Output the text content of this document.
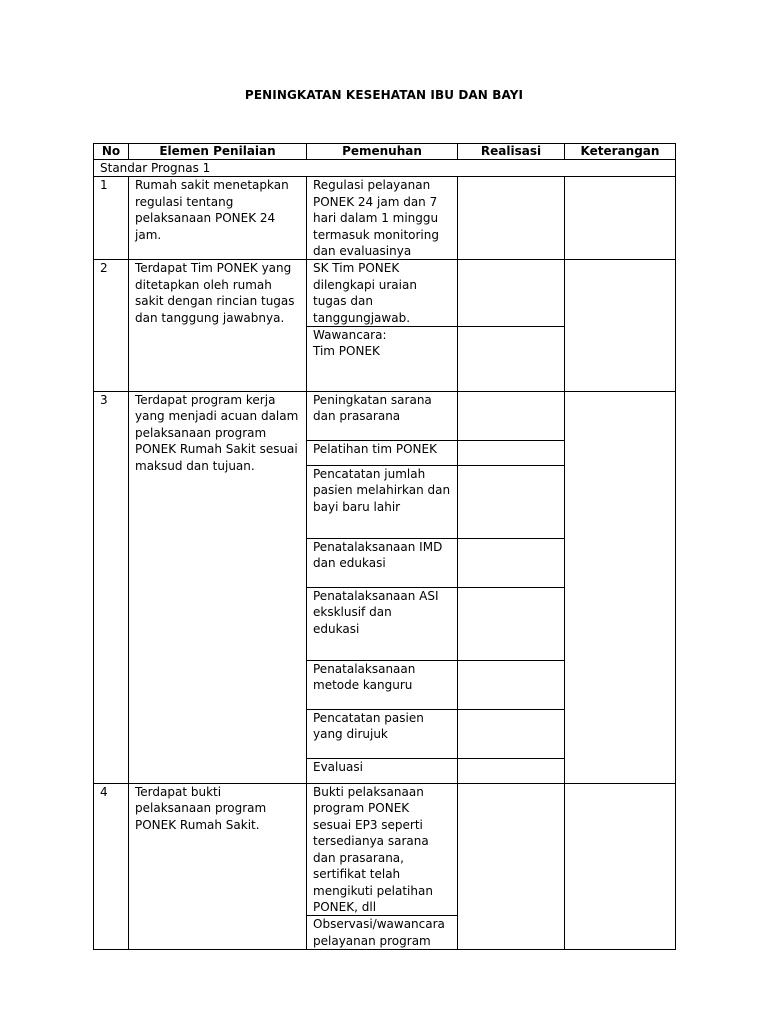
PENINGKATAN KESEHATAN IBU DAN BAYI
No	Elemen Penilaian	Pemenuhan	Realisasi	Keterangan
Standar Prognas 1				
1	Rumah sakit menetapkan regulasi tentang pelaksanaan PONEK 24 jam.	Regulasi pelayanan PONEK 24 jam dan 7 hari dalam 1 minggu termasuk monitoring dan evaluasinya		
2	Terdapat Tim PONEK yang ditetapkan oleh rumah sakit dengan rincian tugas dan tanggung jawabnya.	SK Tim PONEK dilengkapi uraian tugas dan tanggungjawab.		

		Wawancara:
Tim PONEK		

3	Terdapat program kerja yang menjadi acuan dalam pelaksanaan program PONEK Rumah Sakit sesuai maksud dan tujuan.	Peningkatan sarana dan prasarana		
		Pelatihan tim PONEK		
		Pencatatan jumlah pasien melahirkan dan bayi baru lahir		
		Penatalaksanaan IMD dan edukasi		

		Penatalaksanaan ASI eksklusif dan
edukasi		

		Penatalaksanaan metode kanguru		
		Pencatatan pasien yang dirujuk		
		Evaluasi		
4	Terdapat bukti pelaksanaan program PONEK Rumah Sakit.	Bukti pelaksanaan program PONEK sesuai EP3 seperti tersedianya sarana dan prasarana, sertifikat telah mengikuti pelatihan PONEK, dll		
		Observasi/wawancara pelayanan program		
